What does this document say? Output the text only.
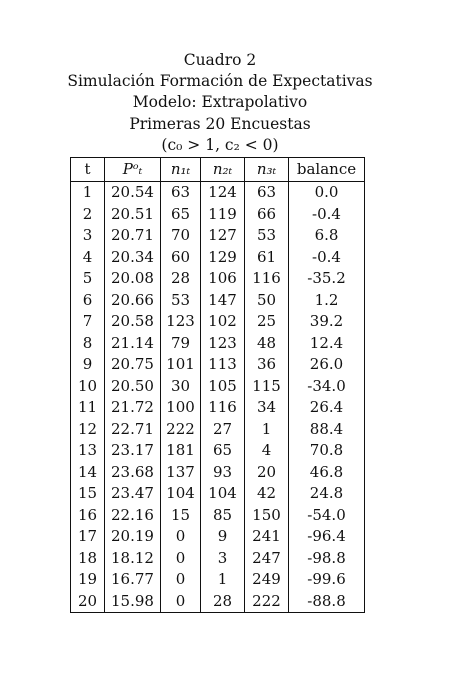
Cuadro 2
Simulación Formación de Expectativas
Modelo: Extrapolativo
Primeras 20 Encuestas
(c₀ > 1, c₂ < 0)
t	Pᵒₜ	n₁ₜ	n₂ₜ	n₃ₜ	balance
1	20.54	63	124	63	0.0
2	20.51	65	119	66	-0.4
3	20.71	70	127	53	6.8
4	20.34	60	129	61	-0.4
5	20.08	28	106	116	-35.2
6	20.66	53	147	50	1.2
7	20.58	123	102	25	39.2
8	21.14	79	123	48	12.4
9	20.75	101	113	36	26.0
10	20.50	30	105	115	-34.0
11	21.72	100	116	34	26.4
12	22.71	222	27	1	88.4
13	23.17	181	65	4	70.8
14	23.68	137	93	20	46.8
15	23.47	104	104	42	24.8
16	22.16	15	85	150	-54.0
17	20.19	0	9	241	-96.4
18	18.12	0	3	247	-98.8
19	16.77	0	1	249	-99.6
20	15.98	0	28	222	-88.8
